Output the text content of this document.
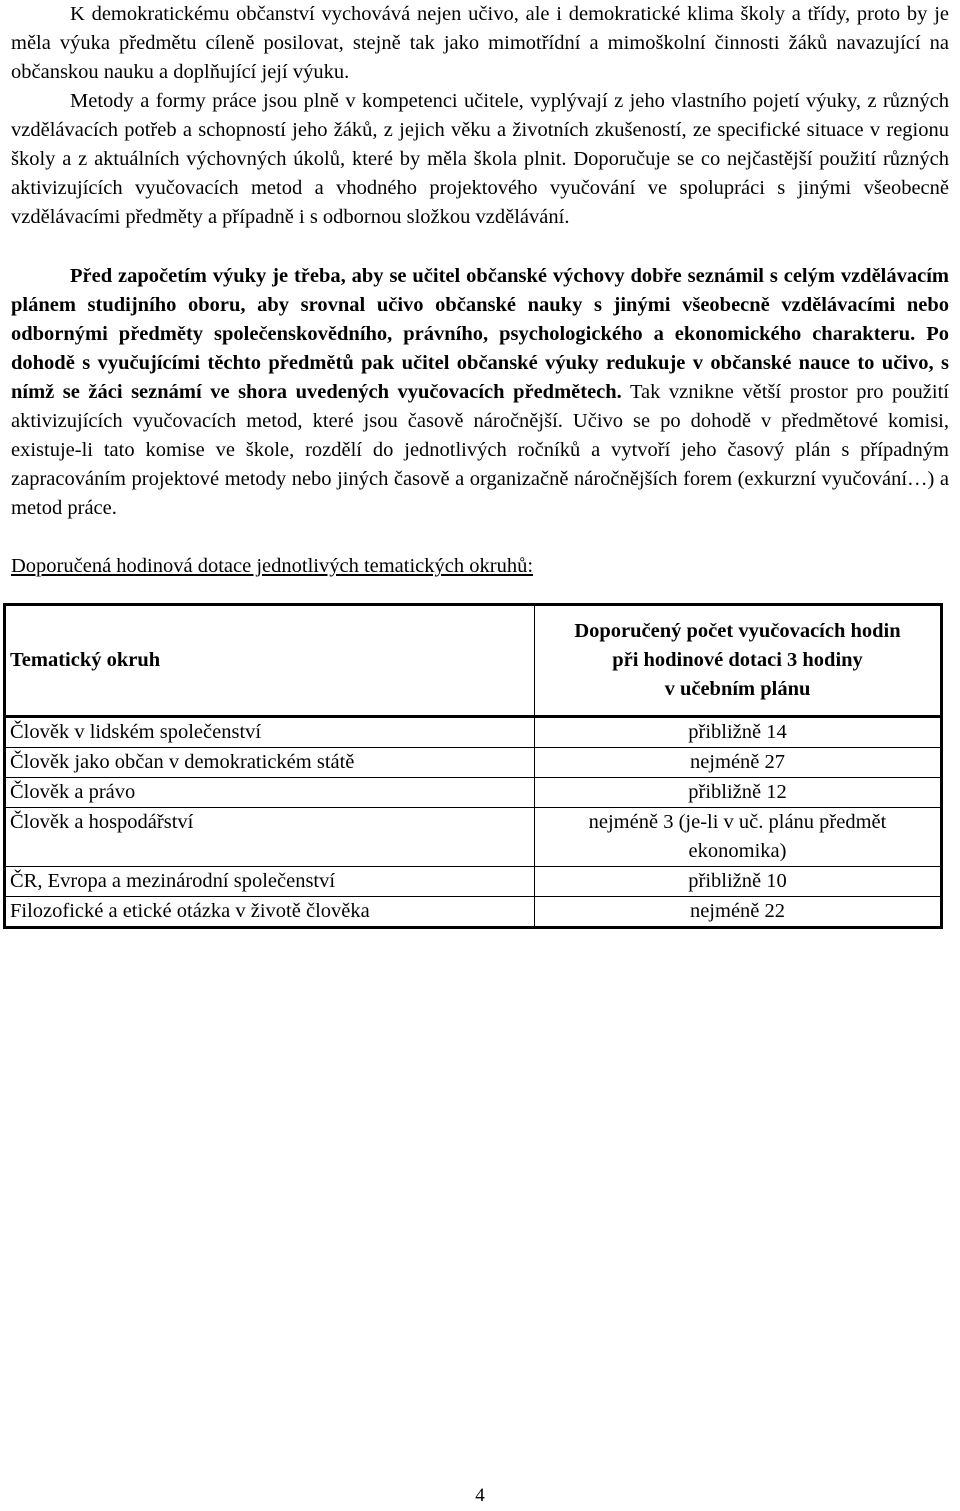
K demokratickému občanství vychovává nejen učivo, ale i demokratické klima školy a třídy, proto by je měla výuka předmětu cíleně posilovat, stejně tak jako mimotřídní a mimoškolní činnosti žáků navazující na občanskou nauku a doplňující její výuku.

Metody a formy práce jsou plně v kompetenci učitele, vyplývají z jeho vlastního pojetí výuky, z různých vzdělávacích potřeb a schopností jeho žáků, z jejich věku a životních zkušeností, ze specifické situace v regionu školy a z aktuálních výchovných úkolů, které by měla škola plnit. Doporučuje se co nejčastější použití různých aktivizujících vyučovacích metod a vhodného projektového vyučování ve spolupráci s jinými všeobecně vzdělávacími předměty a případně i s odbornou složkou vzdělávání.

Před započetím výuky je třeba, aby se učitel občanské výchovy dobře seznámil s celým vzdělávacím plánem studijního oboru, aby srovnal učivo občanské nauky s jinými všeobecně vzdělávacími nebo odbornými předměty společenskovědního, právního, psychologického a ekonomického charakteru. Po dohodě s vyučujícími těchto předmětů pak učitel občanské výuky redukuje v občanské nauce to učivo, s nímž se žáci seznámí ve shora uvedených vyučovacích předmětech. Tak vznikne větší prostor pro použití aktivizujících vyučovacích metod, které jsou časově náročnější. Učivo se po dohodě v předmětové komisi, existuje-li tato komise ve škole, rozdělí do jednotlivých ročníků a vytvoří jeho časový plán s případným zapracováním projektové metody nebo jiných časově a organizačně náročnějších forem (exkurzní vyučování…) a metod práce.

Doporučená hodinová dotace jednotlivých tematických okruhů:
Tematický okruh	Doporučený počet vyučovacích hodin
při hodinové dotaci 3 hodiny
v učebním plánu

Člověk v lidském společenství	přibližně 14
Člověk jako občan v demokratickém státě	nejméně 27
Člověk a právo	přibližně 12
Člověk a hospodářství	nejméně 3 (je-li v uč. plánu předmět ekonomika)
ČR, Evropa a mezinárodní společenství	přibližně 10
Filozofické a etické otázka v životě člověka	nejméně 22
4
